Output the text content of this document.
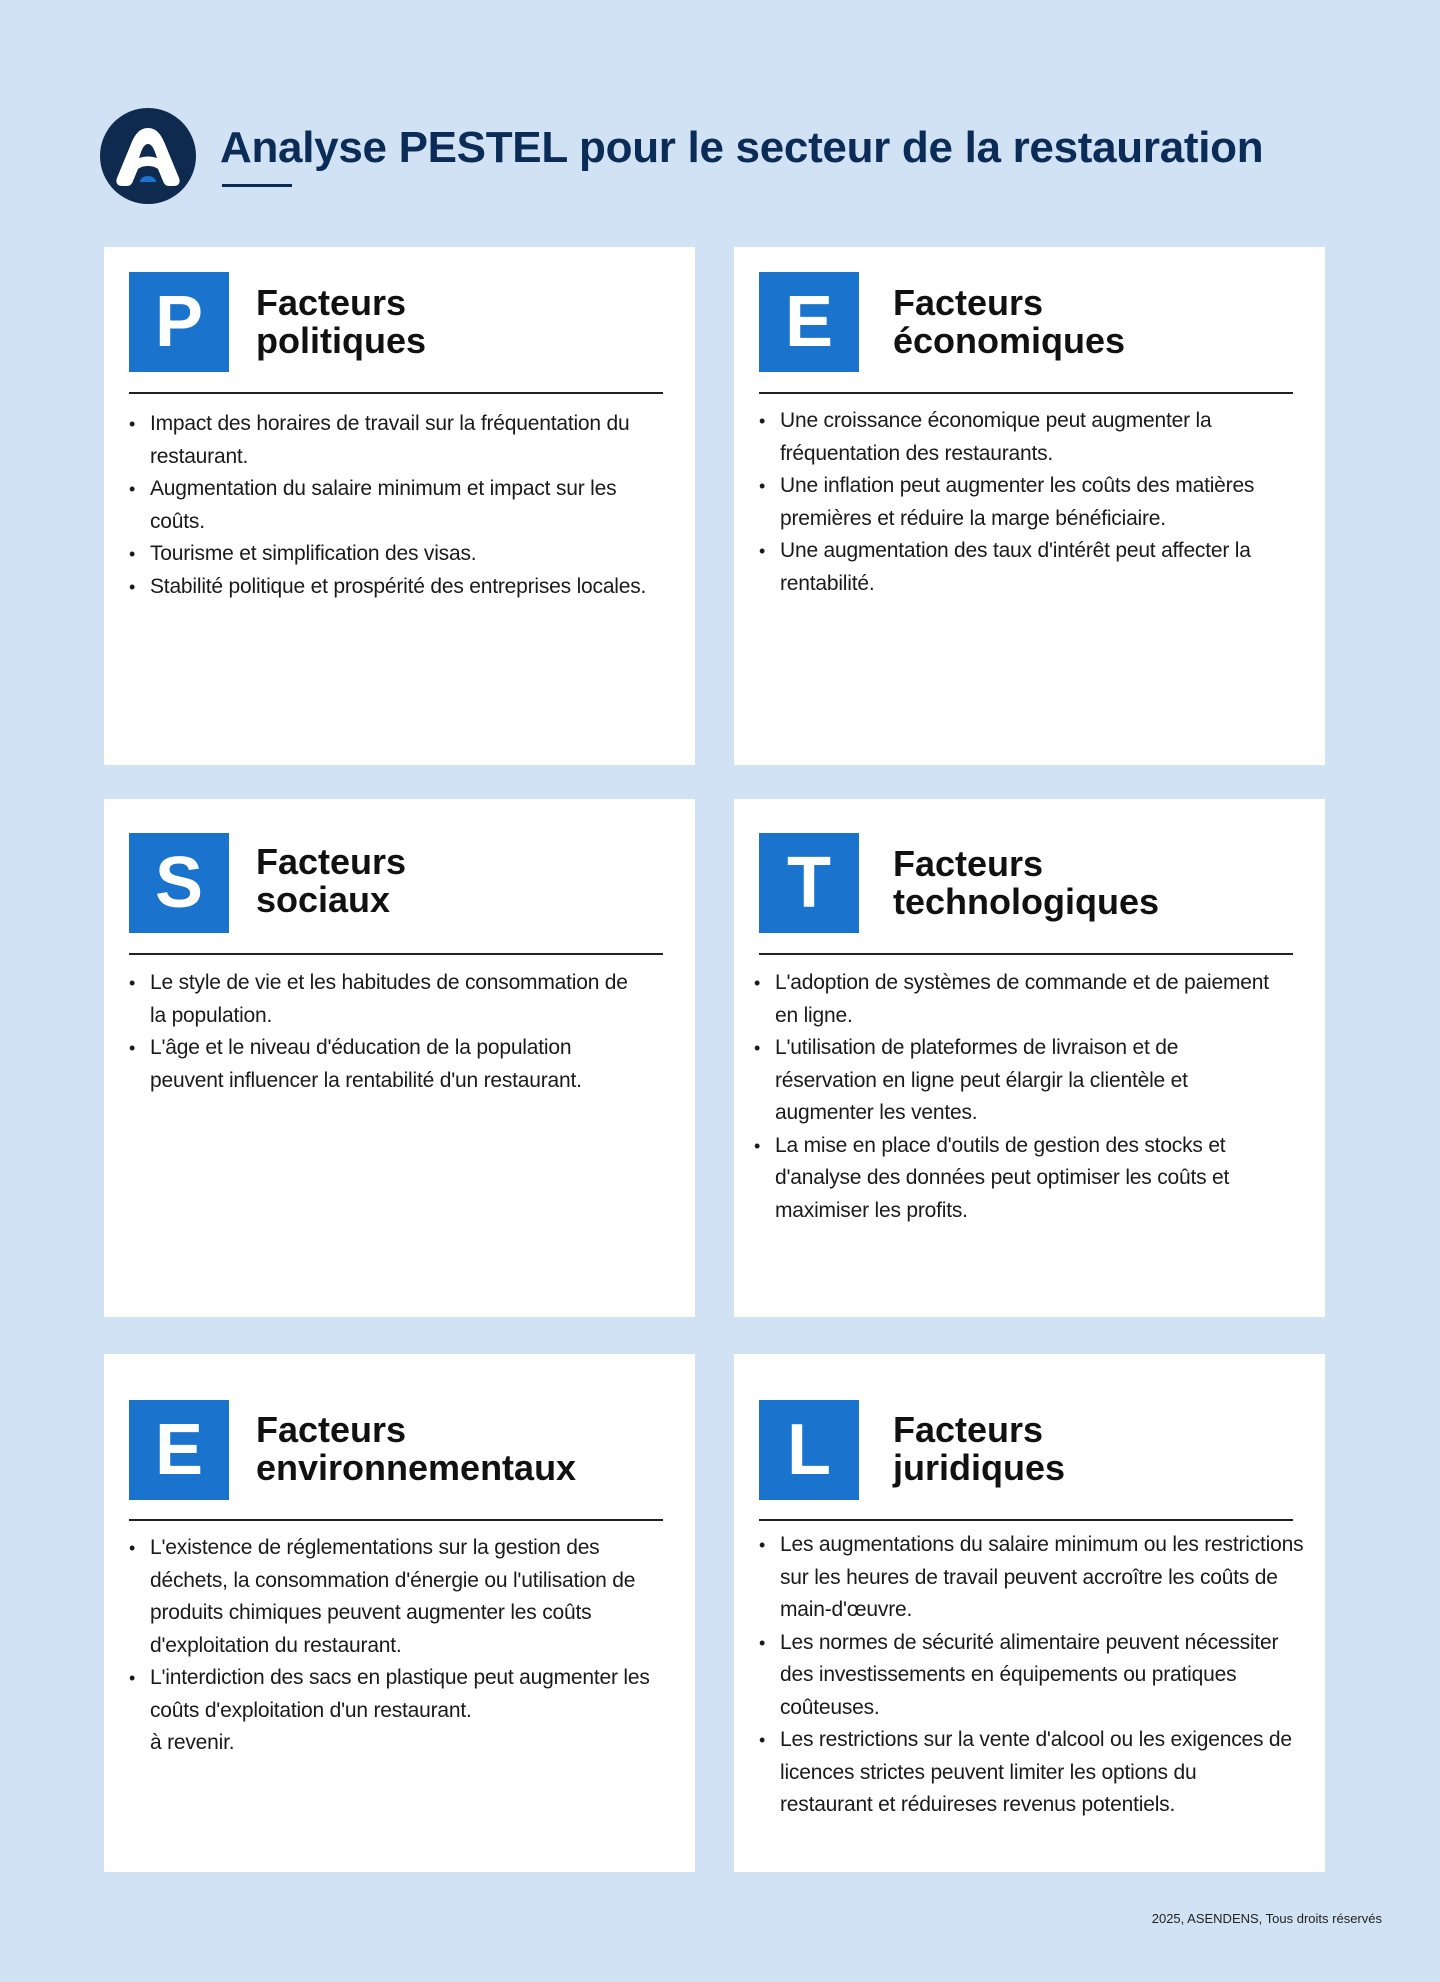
Analyse PESTEL pour le secteur de la restauration
P	Facteurs
politiques
• Impact des horaires de travail sur la fréquentation du restaurant.
• Augmentation du salaire minimum et impact sur les coûts.
• Tourisme et simplification des visas.
• Stabilité politique et prospérité des entreprises locales.
E	Facteurs
économiques
• Une croissance économique peut augmenter la fréquentation des restaurants.
• Une inflation peut augmenter les coûts des matières premières et réduire la marge bénéficiaire.
• Une augmentation des taux d'intérêt peut affecter la rentabilité.
S	Facteurs
sociaux
• Le style de vie et les habitudes de consommation de la population.
• L'âge et le niveau d'éducation de la population peuvent influencer la rentabilité d'un restaurant.
T	Facteurs
technologiques
• L'adoption de systèmes de commande et de paiement en ligne.
• L'utilisation de plateformes de livraison et de réservation en ligne peut élargir la clientèle et augmenter les ventes.
• La mise en place d'outils de gestion des stocks et d'analyse des données peut optimiser les coûts et maximiser les profits.
E	Facteurs
environnementaux
• L'existence de réglementations sur la gestion des déchets, la consommation d'énergie ou l'utilisation de produits chimiques peuvent augmenter les coûts d'exploitation du restaurant.
• L'interdiction des sacs en plastique peut augmenter les coûts d'exploitation d'un restaurant.
à revenir.
L	Facteurs
juridiques
• Les augmentations du salaire minimum ou les restrictions sur les heures de travail peuvent accroître les coûts de main-d'œuvre.
• Les normes de sécurité alimentaire peuvent nécessiter des investissements en équipements ou pratiques coûteuses.
• Les restrictions sur la vente d'alcool ou les exigences de licences strictes peuvent limiter les options du restaurant et réduireses revenus potentiels.
2025, ASENDENS, Tous droits réservés
